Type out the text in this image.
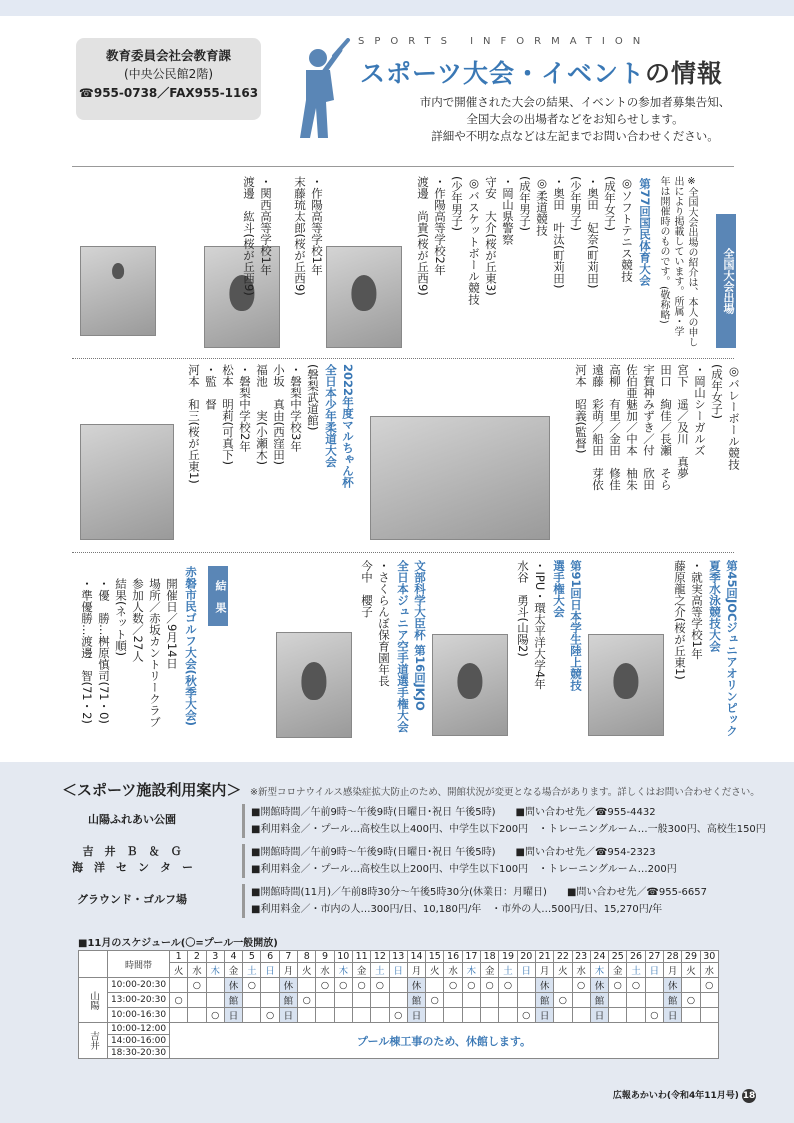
教育委員会社会教育課
(中央公民館2階)
☎955-0738／FAX955-1163
SPORTS INFORMATION
スポーツ大会・イベントの情報
市内で開催された大会の結果、イベントの参加者募集告知、
全国大会の出場者などをお知らせします。
詳細や不明な点などは左記までお問い合わせください。
全国大会出場
※全国大会出場の紹介は、本人の申し
出により掲載しています。所属・学
年は開催時のものです。(敬称略)
第77回国民体育大会
◎ソフトテニス競技
(成年女子)
・奥田　妃奈(町苅田)
(少年男子)
・奥田　叶汰(町苅田)
◎柔道競技
(成年男子)
・岡山県警察
守安　大介(桜が丘東3)
◎バスケットボール競技
(少年男子)
・作陽高等学校2年
渡邊　尚貴(桜が丘西9)
・作陽高等学校1年
末藤琉太郎(桜が丘西9)

・関西高等学校1年
渡邊　紘斗(桜が丘西9)
◎バレーボール競技
(成年女子)
・岡山シーガルズ
宮下　遥／及川　真夢
田口　絢佳／長瀬　そら
宇賀神みずき／付　欣田
佐伯亜魅加／中本　柚朱
高柳　有里／金田　修佳
遠藤　彩萌／船田　芽依
河本　昭義(監督)
2022年度マルちゃん杯
全日本少年柔道大会
(磐梨武道館)
・磐梨中学校3年
小坂　真由(西窪田)
福池　　実(小瀬木)
・磐梨中学校2年
松本　明莉(可真下)
・監　督
河本　和三(桜が丘東1)
第45回JOCジュニアオリンピック
夏季水泳競技大会
・就実高等学校1年
藤原龍之介(桜が丘東1)
第91回日本学生陸上競技
選手権大会
・IPU・環太平洋大学4年
水谷　勇斗(山陽2)
文部科学大臣杯 第16回JKJO
全日本ジュニア空手道選手権大会
・さくらんぼ保育園年長
今中　櫻子
結　果
赤磐市民ゴルフ大会(秋季大会)
開催日／9月14日
場所／赤坂カントリークラブ
参加人数／27人
結果(ネット順)
・優　勝…桝原慎司(71・0)
・準優勝…渡邊　智(71・2)
＜スポーツ施設利用案内＞ ※新型コロナウイルス感染症拡大防止のため、開館状況が変更となる場合があります。詳しくはお問い合わせください。
山陽ふれあい公園
■開館時間／午前9時～午後9時(日曜日･祝日 午後5時)　　■問い合わせ先／☎955-4432
■利用料金／・プール…高校生以上400円、中学生以下200円　・トレーニングルーム…一般300円、高校生150円
吉　井　Ｂ　＆　Ｇ
海　洋　セ　ン　タ　ー
■開館時間／午前9時～午後9時(日曜日･祝日 午後5時)　　■問い合わせ先／☎954-2323
■利用料金／・プール…高校生以上200円、中学生以下100円　・トレーニングルーム…200円
グラウンド・ゴルフ場
■開館時間(11月)／午前8時30分～午後5時30分(休業日：月曜日)　　■問い合わせ先／☎955-6657
■利用料金／・市内の人…300円/日、10,180円/年　・市外の人…500円/日、15,270円/年
■11月のスケジュール(〇=プール一般開放)
	時間帯	1	2	3	4	5	6	7	8	9	10	11	12	13	14	15	16	17	18	19	20	21	22	23	24	25	26	27	28	29	30
		火	水	木	金	土	日	月	火	水	木	金	土	日	月	火	水	木	金	土	日	月	火	水	木	金	土	日	月	火	水
山陽	10:00-20:30		○		休	○		休		○	○	○	○		休		○	○	○	○		休		○	休	○	○		休		○
	13:00-20:30	○			館			館	○						館	○						館	○		館				館	○	
	10:00-16:30			○	日		○	日						○	日						○	日			日			○	日		
吉井	10:00-12:00	プール棟工事のため、休館します。																													
	14:00-16:00																														
	18:30-20:30																														
広報あかいわ(令和4年11月号) 18
